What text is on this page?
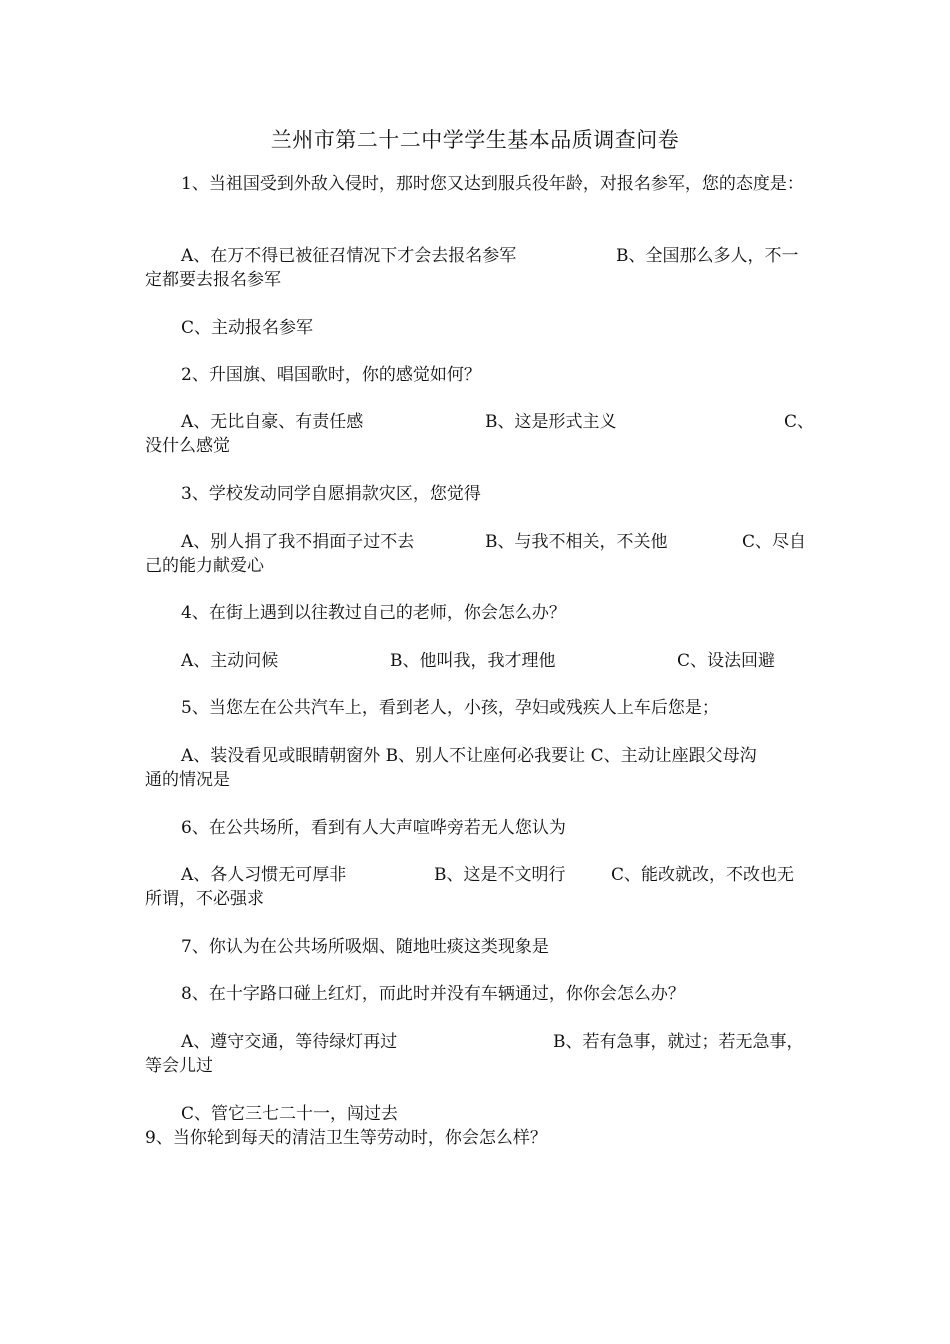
兰州市第二十二中学学生基本品质调查问卷
1、当祖国受到外敌入侵时，那时您又达到服兵役年龄，对报名参军，您的态度是：
A、在万不得已被征召情况下才会去报名参军	B、全国那么多人，不一
定都要去报名参军
C、主动报名参军
2、升国旗、唱国歌时，你的感觉如何？
A、无比自豪、有责任感	B、这是形式主义	C、
没什么感觉
3、学校发动同学自愿捐款灾区，您觉得
A、别人捐了我不捐面子过不去	B、与我不相关，不关他	C、尽自
己的能力献爱心
4、在街上遇到以往教过自己的老师，你会怎么办？
A、主动问候	B、他叫我，我才理他	C、设法回避
5、当您左在公共汽车上，看到老人，小孩，孕妇或残疾人上车后您是；
A、装没看见或眼睛朝窗外 B、别人不让座何必我要让 C、主动让座跟父母沟
通的情况是
6、在公共场所，看到有人大声喧哗旁若无人您认为
A、各人习惯无可厚非	B、这是不文明行	C、能改就改，不改也无
所谓，不必强求
7、你认为在公共场所吸烟、随地吐痰这类现象是
8、在十字路口碰上红灯，而此时并没有车辆通过，你你会怎么办？
A、遵守交通，等待绿灯再过	B、若有急事，就过；若无急事，
等会儿过
C、管它三七二十一，闯过去
9、当你轮到每天的清洁卫生等劳动时，你会怎么样？
